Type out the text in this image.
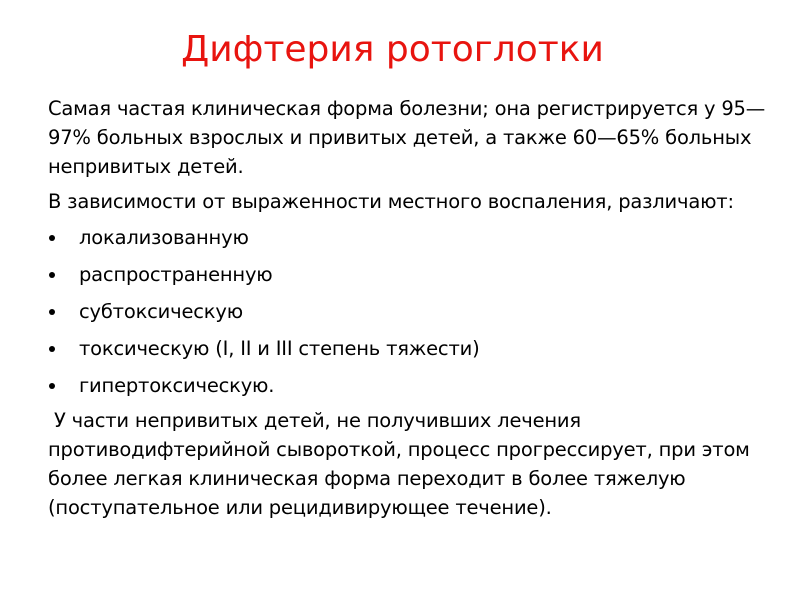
Дифтерия ротоглотки

Самая частая клиническая форма болезни; она регистрируется у 95—97% больных взрослых и привитых детей, а также 60—65% больных непривитых детей.

В зависимости от выраженности местного воспаления, различают:

локализованную
распространенную
субтоксическую
токсическую (I, II и III степень тяжести)
гипертоксическую.

У части непривитых детей, не получивших лечения противодифтерийной сывороткой, процесс прогрессирует, при этом более легкая клиническая форма переходит в более тяжелую (поступательное или рецидивирующее течение).
